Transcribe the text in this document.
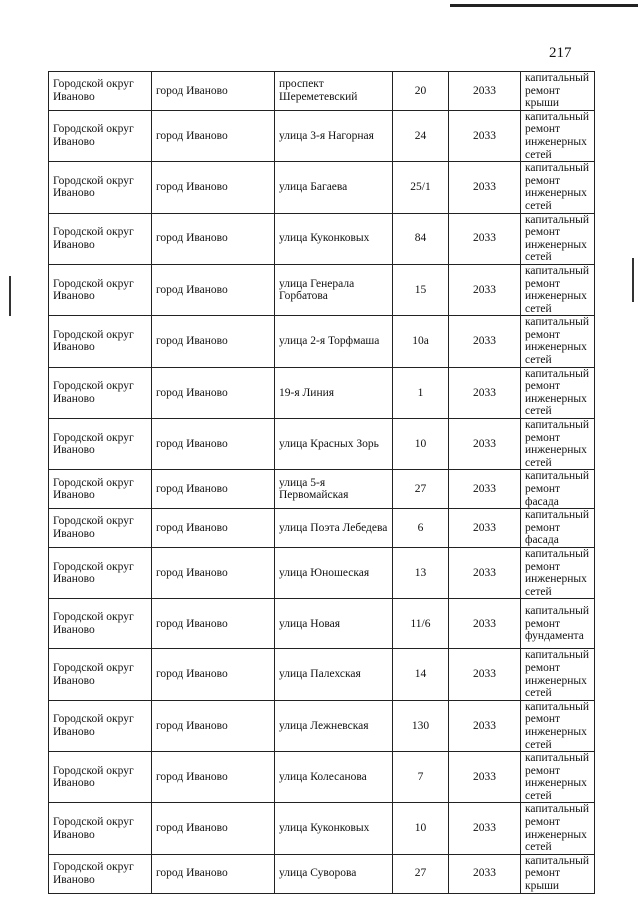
217
Городской округ Иваново	город Иваново	проспект Шереметевский	20	2033	капитальный ремонт крыши
Городской округ Иваново	город Иваново	улица 3-я Нагорная	24	2033	капитальный ремонт инженерных сетей
Городской округ Иваново	город Иваново	улица Багаева	25/1	2033	капитальный ремонт инженерных сетей
Городской округ Иваново	город Иваново	улица Куконковых	84	2033	капитальный ремонт инженерных сетей
Городской округ Иваново	город Иваново	улица Генерала Горбатова	15	2033	капитальный ремонт инженерных сетей
Городской округ Иваново	город Иваново	улица 2-я Торфмаша	10а	2033	капитальный ремонт инженерных сетей
Городской округ Иваново	город Иваново	19-я Линия	1	2033	капитальный ремонт инженерных сетей
Городской округ Иваново	город Иваново	улица Красных Зорь	10	2033	капитальный ремонт инженерных сетей
Городской округ Иваново	город Иваново	улица 5-я Первомайская	27	2033	капитальный ремонт фасада
Городской округ Иваново	город Иваново	улица Поэта Лебедева	6	2033	капитальный ремонт фасада
Городской округ Иваново	город Иваново	улица Юношеская	13	2033	капитальный ремонт инженерных сетей
Городской округ Иваново	город Иваново	улица Новая	11/6	2033	капитальный ремонт фундамента
Городской округ Иваново	город Иваново	улица Палехская	14	2033	капитальный ремонт инженерных сетей
Городской округ Иваново	город Иваново	улица Лежневская	130	2033	капитальный ремонт инженерных сетей
Городской округ Иваново	город Иваново	улица Колесанова	7	2033	капитальный ремонт инженерных сетей
Городской округ Иваново	город Иваново	улица Куконковых	10	2033	капитальный ремонт инженерных сетей
Городской округ Иваново	город Иваново	улица Суворова	27	2033	капитальный ремонт крыши
